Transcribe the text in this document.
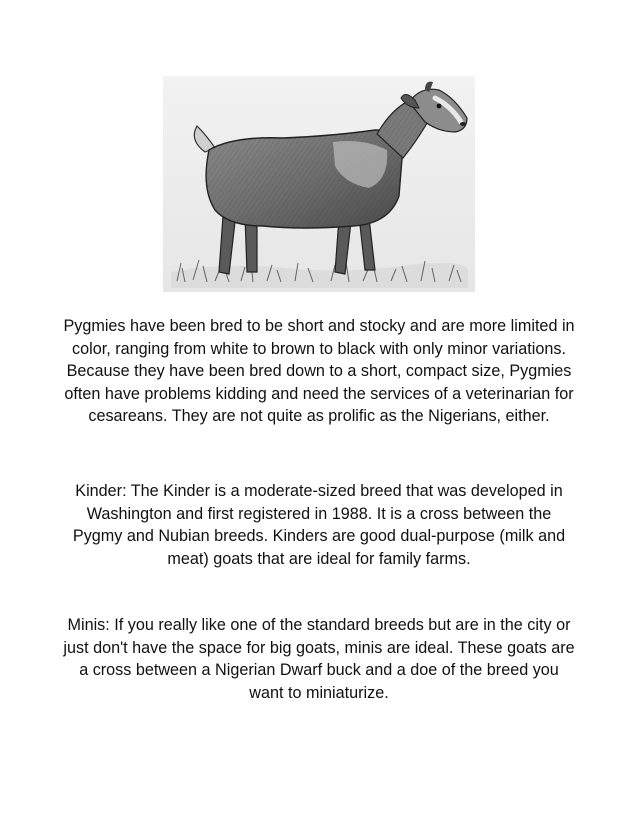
Pygmies have been bred to be short and stocky and are more limited in color, ranging from white to brown to black with only minor variations. Because they have been bred down to a short, compact size, Pygmies often have problems kidding and need the services of a veterinarian for cesareans. They are not quite as prolific as the Nigerians, either.

Kinder: The Kinder is a moderate-sized breed that was developed in Washington and first registered in 1988. It is a cross between the Pygmy and Nubian breeds. Kinders are good dual-purpose (milk and meat) goats that are ideal for family farms.

Minis: If you really like one of the standard breeds but are in the city or just don't have the space for big goats, minis are ideal. These goats are a cross between a Nigerian Dwarf buck and a doe of the breed you want to miniaturize.
